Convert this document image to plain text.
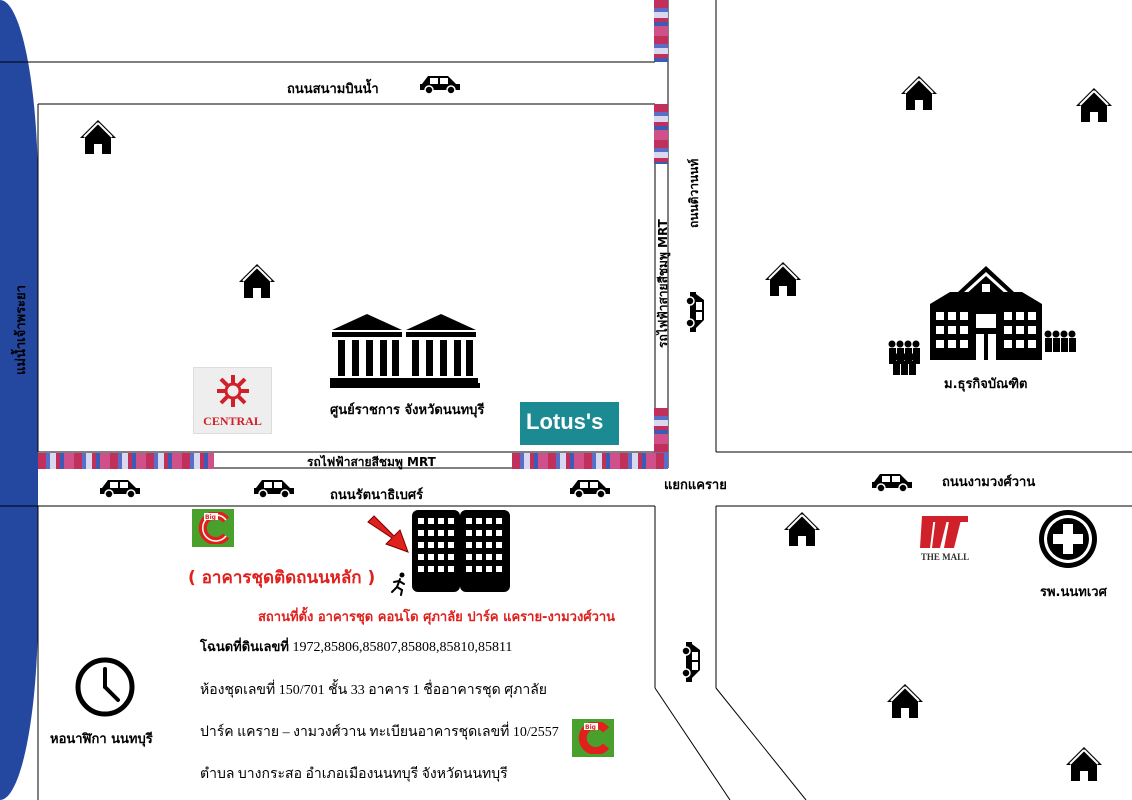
แม่น้ำเจ้าพระยา
รถไฟฟ้าสายสีชมพู MRT
รถไฟฟ้าสายสีชมพู MRT
ถนนสนามบินน้ำ
ถนนรัตนาธิเบศร์
ถนนงามวงศ์วาน
แยกแคราย
ถนนติวานนท์
ศูนย์ราชการ จังหวัดนนทบุรี
CENTRAL	Lotus's
ม.ธุรกิจบัณฑิต
THE MALL
รพ.นนทเวศ
หอนาฬิกา นนทบุรี
Big
Big
( อาคารชุดติดถนนหลัก )
สถานที่ตั้ง อาคารชุด คอนโด ศุภาลัย ปาร์ค แคราย-งามวงศ์วาน
โฉนดที่ดินเลขที่ 1972,85806,85807,85808,85810,85811
ห้องชุดเลขที่ 150/701 ชั้น 33 อาคาร 1 ชื่ออาคารชุด ศุภาลัย
ปาร์ค แคราย – งามวงศ์วาน ทะเบียนอาคารชุดเลขที่ 10/2557
ตำบล บางกระสอ อำเภอเมืองนนทบุรี จังหวัดนนทบุรี
